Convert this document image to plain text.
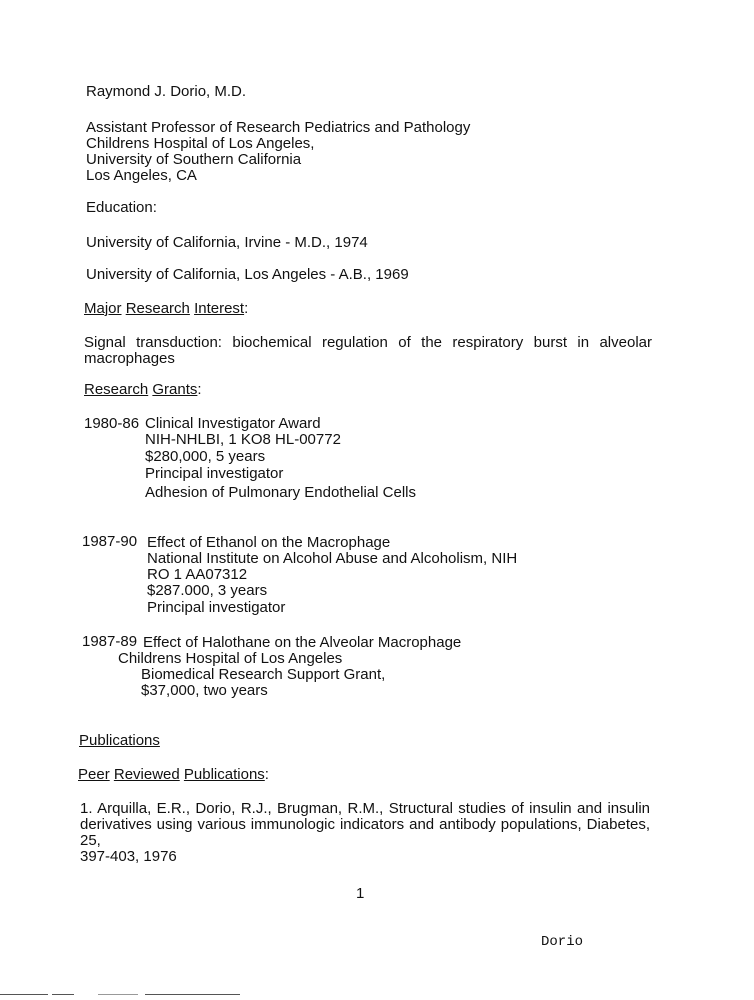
Raymond J. Dorio, M.D.
Assistant Professor of Research Pediatrics and Pathology
Childrens Hospital of Los Angeles,
University of Southern California
Los Angeles, CA
Education:
University of California, Irvine - M.D., 1974
University of California, Los Angeles - A.B., 1969
Major Research Interest:
Signal transduction: biochemical regulation of the respiratory burst in alveolar
macrophages
Research Grants:
1980-86 Clinical Investigator Award
NIH-NHLBI, 1 KO8 HL-00772
$280,000, 5 years
Principal investigator
Adhesion of Pulmonary Endothelial Cells
1987-90 Effect of Ethanol on the Macrophage
National Institute on Alcohol Abuse and Alcoholism, NIH
RO 1 AA07312
$287.000, 3 years
Principal investigator
1987-89 Effect of Halothane on the Alveolar Macrophage
Childrens Hospital of Los Angeles
Biomedical Research Support Grant,
$37,000, two years
Publications
Peer Reviewed Publications:
1. Arquilla, E.R., Dorio, R.J., Brugman, R.M., Structural studies of insulin and insulin
derivatives using various immunologic indicators and antibody populations, Diabetes, 25,
397-403, 1976
1
Dorio
